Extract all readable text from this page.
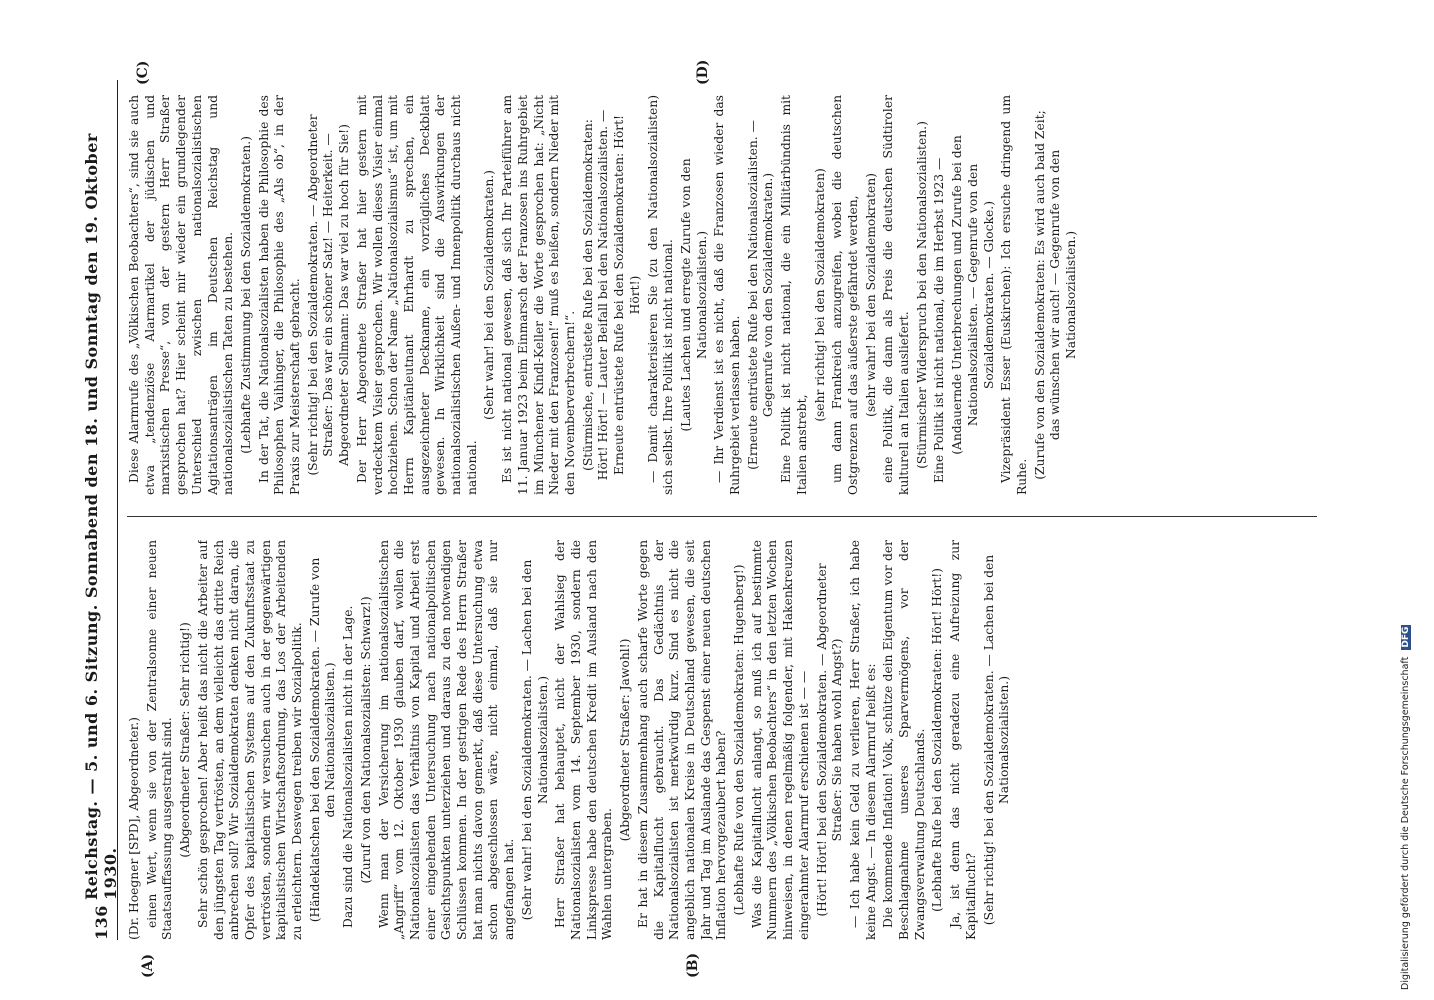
136
Reichstag. — 5. und 6. Sitzung. Sonnabend den 18. und Sonntag den 19. Oktober 1930.
(A)	(B)
(C)	(D)

(Dr. Hoegner [SPD], Abgeordneter.) einen Wert, wenn sie von der Zentralsonne einer neuen Staatsauffassung ausgestrahlt sind. (Abgeordneter Straßer: Sehr richtig!) Sehr schön gesprochen! Aber heißt das nicht die Arbeiter auf den jüngsten Tag vertrösten, an dem vielleicht das dritte Reich anbrechen soll? Wir Sozialdemokraten denken nicht daran, die Opfer des kapitalistischen Systems auf den Zukunftsstaat zu vertrösten, sondern wir versuchen auch in der gegenwärtigen kapitalistischen Wirtschaftsordnung, das Los der Arbeitenden zu erleichtern. Deswegen treiben wir Sozialpolitik. (Händeklatschen bei den Sozialdemokraten. — Zurufe von den Nationalsozialisten.) Dazu sind die Nationalsozialisten nicht in der Lage. (Zuruf von den Nationalsozialisten: Schwarz!) Wenn man der Versicherung im nationalsozialistischen „Angriff“ vom 12. Oktober 1930 glauben darf, wollen die Nationalsozialisten das Verhältnis von Kapital und Arbeit erst einer eingehenden Untersuchung nach nationalpolitischen Gesichtspunkten unterziehen und daraus zu den notwendigen Schlüssen kommen. In der gestrigen Rede des Herrn Straßer hat man nichts davon gemerkt, daß diese Untersuchung etwa schon abgeschlossen wäre, nicht einmal, daß sie nur angefangen hat. (Sehr wahr! bei den Sozialdemokraten. — Lachen bei den Nationalsozialisten.) Herr Straßer hat behauptet, nicht der Wahlsieg der Nationalsozialisten vom 14. September 1930, sondern die Linkspresse habe den deutschen Kredit im Ausland nach den Wahlen untergraben.

(Abgeordneter Straßer: Jawohl!) Er hat in diesem Zusammenhang auch scharfe Worte gegen die Kapitalflucht gebraucht. Das Gedächtnis der Nationalsozialisten ist merkwürdig kurz. Sind es nicht die angeblich nationalen Kreise in Deutschland gewesen, die seit Jahr und Tag im Auslande das Gespenst einer neuen deutschen Inflation hervorgezaubert haben? (Lebhafte Rufe von den Sozialdemokraten: Hugenberg!) Was die Kapitalflucht anlangt, so muß ich auf bestimmte Nummern des „Völkischen Beobachters“ in den letzten Wochen hinweisen, in denen regelmäßig folgender, mit Hakenkreuzen eingerahmter Alarmruf erschienen ist — — (Hört! Hört! bei den Sozialdemokraten. — Abgeordneter Straßer: Sie haben wohl Angst?) — Ich habe kein Geld zu verlieren, Herr Straßer, ich habe keine Angst. — In diesem Alarmruf heißt es: Die kommende Inflation! Volk, schütze dein Eigentum vor der Beschlagnahme unseres Sparvermögens, vor der Zwangsverwaltung Deutschlands. (Lebhafte Rufe bei den Sozialdemokraten: Hört! Hört!) Ja, ist denn das nicht geradezu eine Aufreizung zur Kapitalflucht? (Sehr richtig! bei den Sozialdemokraten. — Lachen bei den Nationalsozialisten.)

Diese Alarmrufe des „Völkischen Beobachters“, sind sie auch etwa „tendenziöse Alarmartikel der jüdischen und marxistischen Presse“, von der gestern Herr Straßer gesprochen hat? Hier scheint mir wieder ein grundlegender Unterschied zwischen nationalsozialistischen Agitationsanträgen im Deutschen Reichstag und nationalsozialistischen Taten zu bestehen. (Lebhafte Zustimmung bei den Sozialdemokraten.) In der Tat, die Nationalsozialisten haben die Philosophie des Philosophen Vaihinger, die Philosophie des „Als ob“, in der Praxis zur Meisterschaft gebracht. (Sehr richtig! bei den Sozialdemokraten. — Abgeordneter Straßer: Das war ein schöner Satz! — Heiterkeit. — Abgeordneter Sollmann: Das war viel zu hoch für Sie!) Der Herr Abgeordnete Straßer hat hier gestern mit verdecktem Visier gesprochen. Wir wollen dieses Visier einmal hochziehen. Schon der Name „Nationalsozialismus“ ist, um mit Herrn Kapitänleutnant Ehrhardt zu sprechen, ein ausgezeichneter Deckname, ein vorzügliches Deckblatt gewesen. In Wirklichkeit sind die Auswirkungen der nationalsozialistischen Außen- und Innenpolitik durchaus nicht national.

(Sehr wahr! bei den Sozialdemokraten.) Es ist nicht national gewesen, daß sich Ihr Parteiführer am 11. Januar 1923 beim Einmarsch der Franzosen ins Ruhrgebiet im Münchener Kindl-Keller die Worte gesprochen hat: „Nicht Nieder mit den Franzosen!“ muß es heißen, sondern Nieder mit den Novemberverbrechern!“. (Stürmische, entrüstete Rufe bei den Sozialdemokraten: Hört! Hört! — Lauter Beifall bei den Nationalsozialisten. — Erneute entrüstete Rufe bei den Sozialdemokraten: Hört! Hört!) — Damit charakterisieren Sie (zu den Nationalsozialisten) sich selbst. Ihre Politik ist nicht national. (Lautes Lachen und erregte Zurufe von den Nationalsozialisten.) — Ihr Verdienst ist es nicht, daß die Franzosen wieder das Ruhrgebiet verlassen haben. (Erneute entrüstete Rufe bei den Nationalsozialisten. — Gegenrufe von den Sozialdemokraten.) Eine Politik ist nicht national, die ein Militärbündnis mit Italien anstrebt,

(sehr richtig! bei den Sozialdemokraten) um dann Frankreich anzugreifen, wobei die deutschen Ostgrenzen auf das äußerste gefährdet werden, (sehr wahr! bei den Sozialdemokraten) eine Politik, die dann als Preis die deutschen Südtiroler kulturell an Italien ausliefert. (Stürmischer Widerspruch bei den Nationalsozialisten.) Eine Politik ist nicht national, die im Herbst 1923 — (Andauernde Unterbrechungen und Zurufe bei den Nationalsozialisten. — Gegenrufe von den Sozialdemokraten. — Glocke.) Vizepräsident Esser (Euskirchen): Ich ersuche dringend um Ruhe. (Zurufe von den Sozialdemokraten: Es wird auch bald Zeit; das wünschen wir auch! — Gegenrufe von den Nationalsozialisten.)

Digitalisierung gefördert durch die Deutsche Forschungsgemeinschaft DFG
